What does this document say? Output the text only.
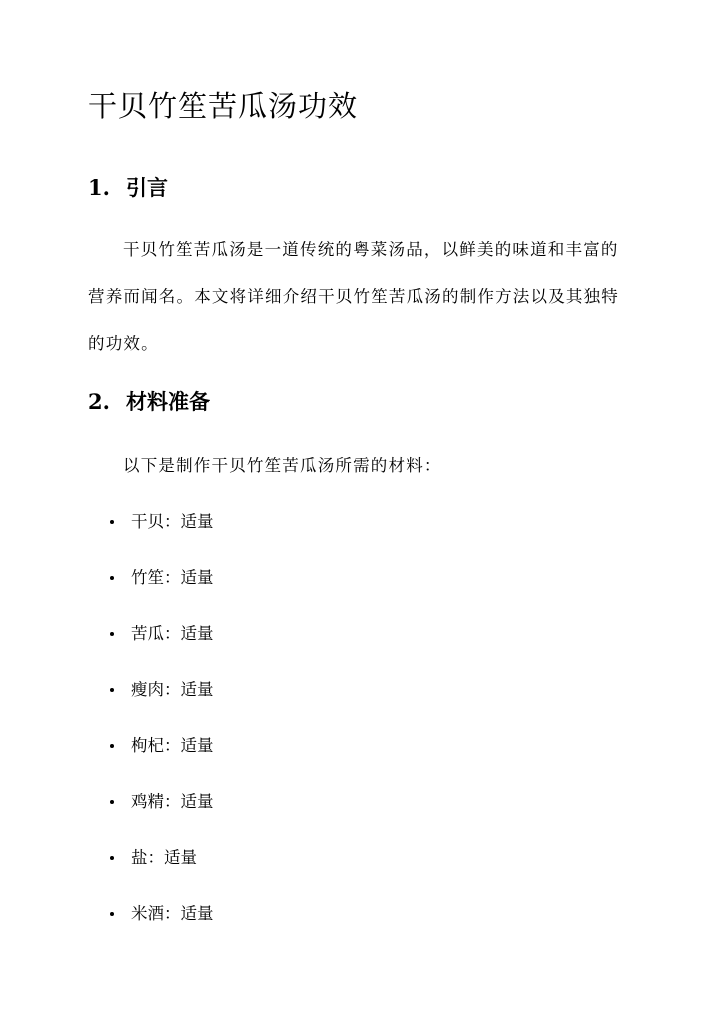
干贝竹笙苦瓜汤功效
1. 引言

干贝竹笙苦瓜汤是一道传统的粤菜汤品，以鲜美的味道和丰富的营养而闻名。本文将详细介绍干贝竹笙苦瓜汤的制作方法以及其独特的功效。

2. 材料准备

以下是制作干贝竹笙苦瓜汤所需的材料：

干贝：适量
竹笙：适量
苦瓜：适量
瘦肉：适量
枸杞：适量
鸡精：适量
盐：适量
米酒：适量
